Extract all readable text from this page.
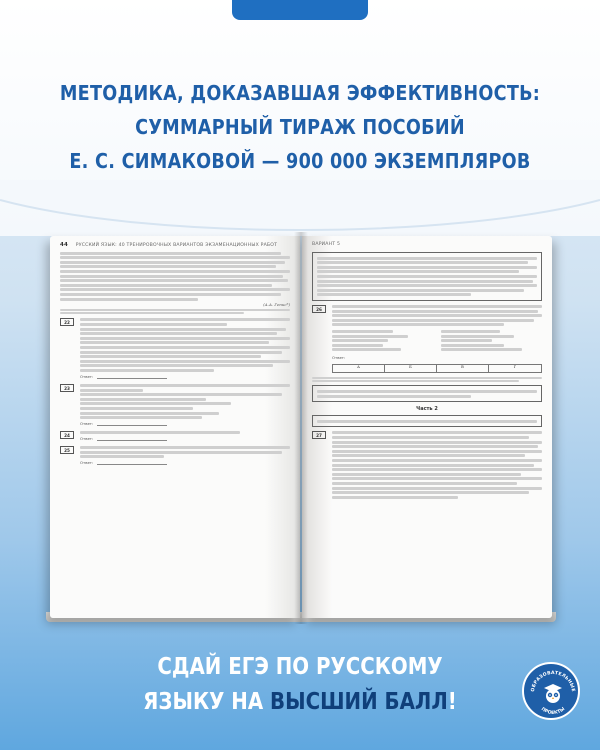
МЕТОДИКА, ДОКАЗАВШАЯ ЭФФЕКТИВНОСТЬ:
СУММАРНЫЙ ТИРАЖ ПОСОБИЙ
Е. С. СИМАКОВОЙ — 900 000 ЭКЗЕМПЛЯРОВ
44 РУССКИЙ ЯЗЫК: 40 ТРЕНИРОВОЧНЫХ ВАРИАНТОВ ЭКЗАМЕНАЦИОННЫХ РАБОТ
(А.А. Генис*)
22
Ответ:
23
Ответ:
24
Ответ:
25
Ответ:
ВАРИАНТ 5
26
Ответ:
А	Б	В	Г
Часть 2
27
СДАЙ ЕГЭ ПО РУССКОМУ
ЯЗЫКУ НА ВЫСШИЙ БАЛЛ!	ОБРАЗОВАТЕЛЬНЫЕ
ПРОЕКТЫ
